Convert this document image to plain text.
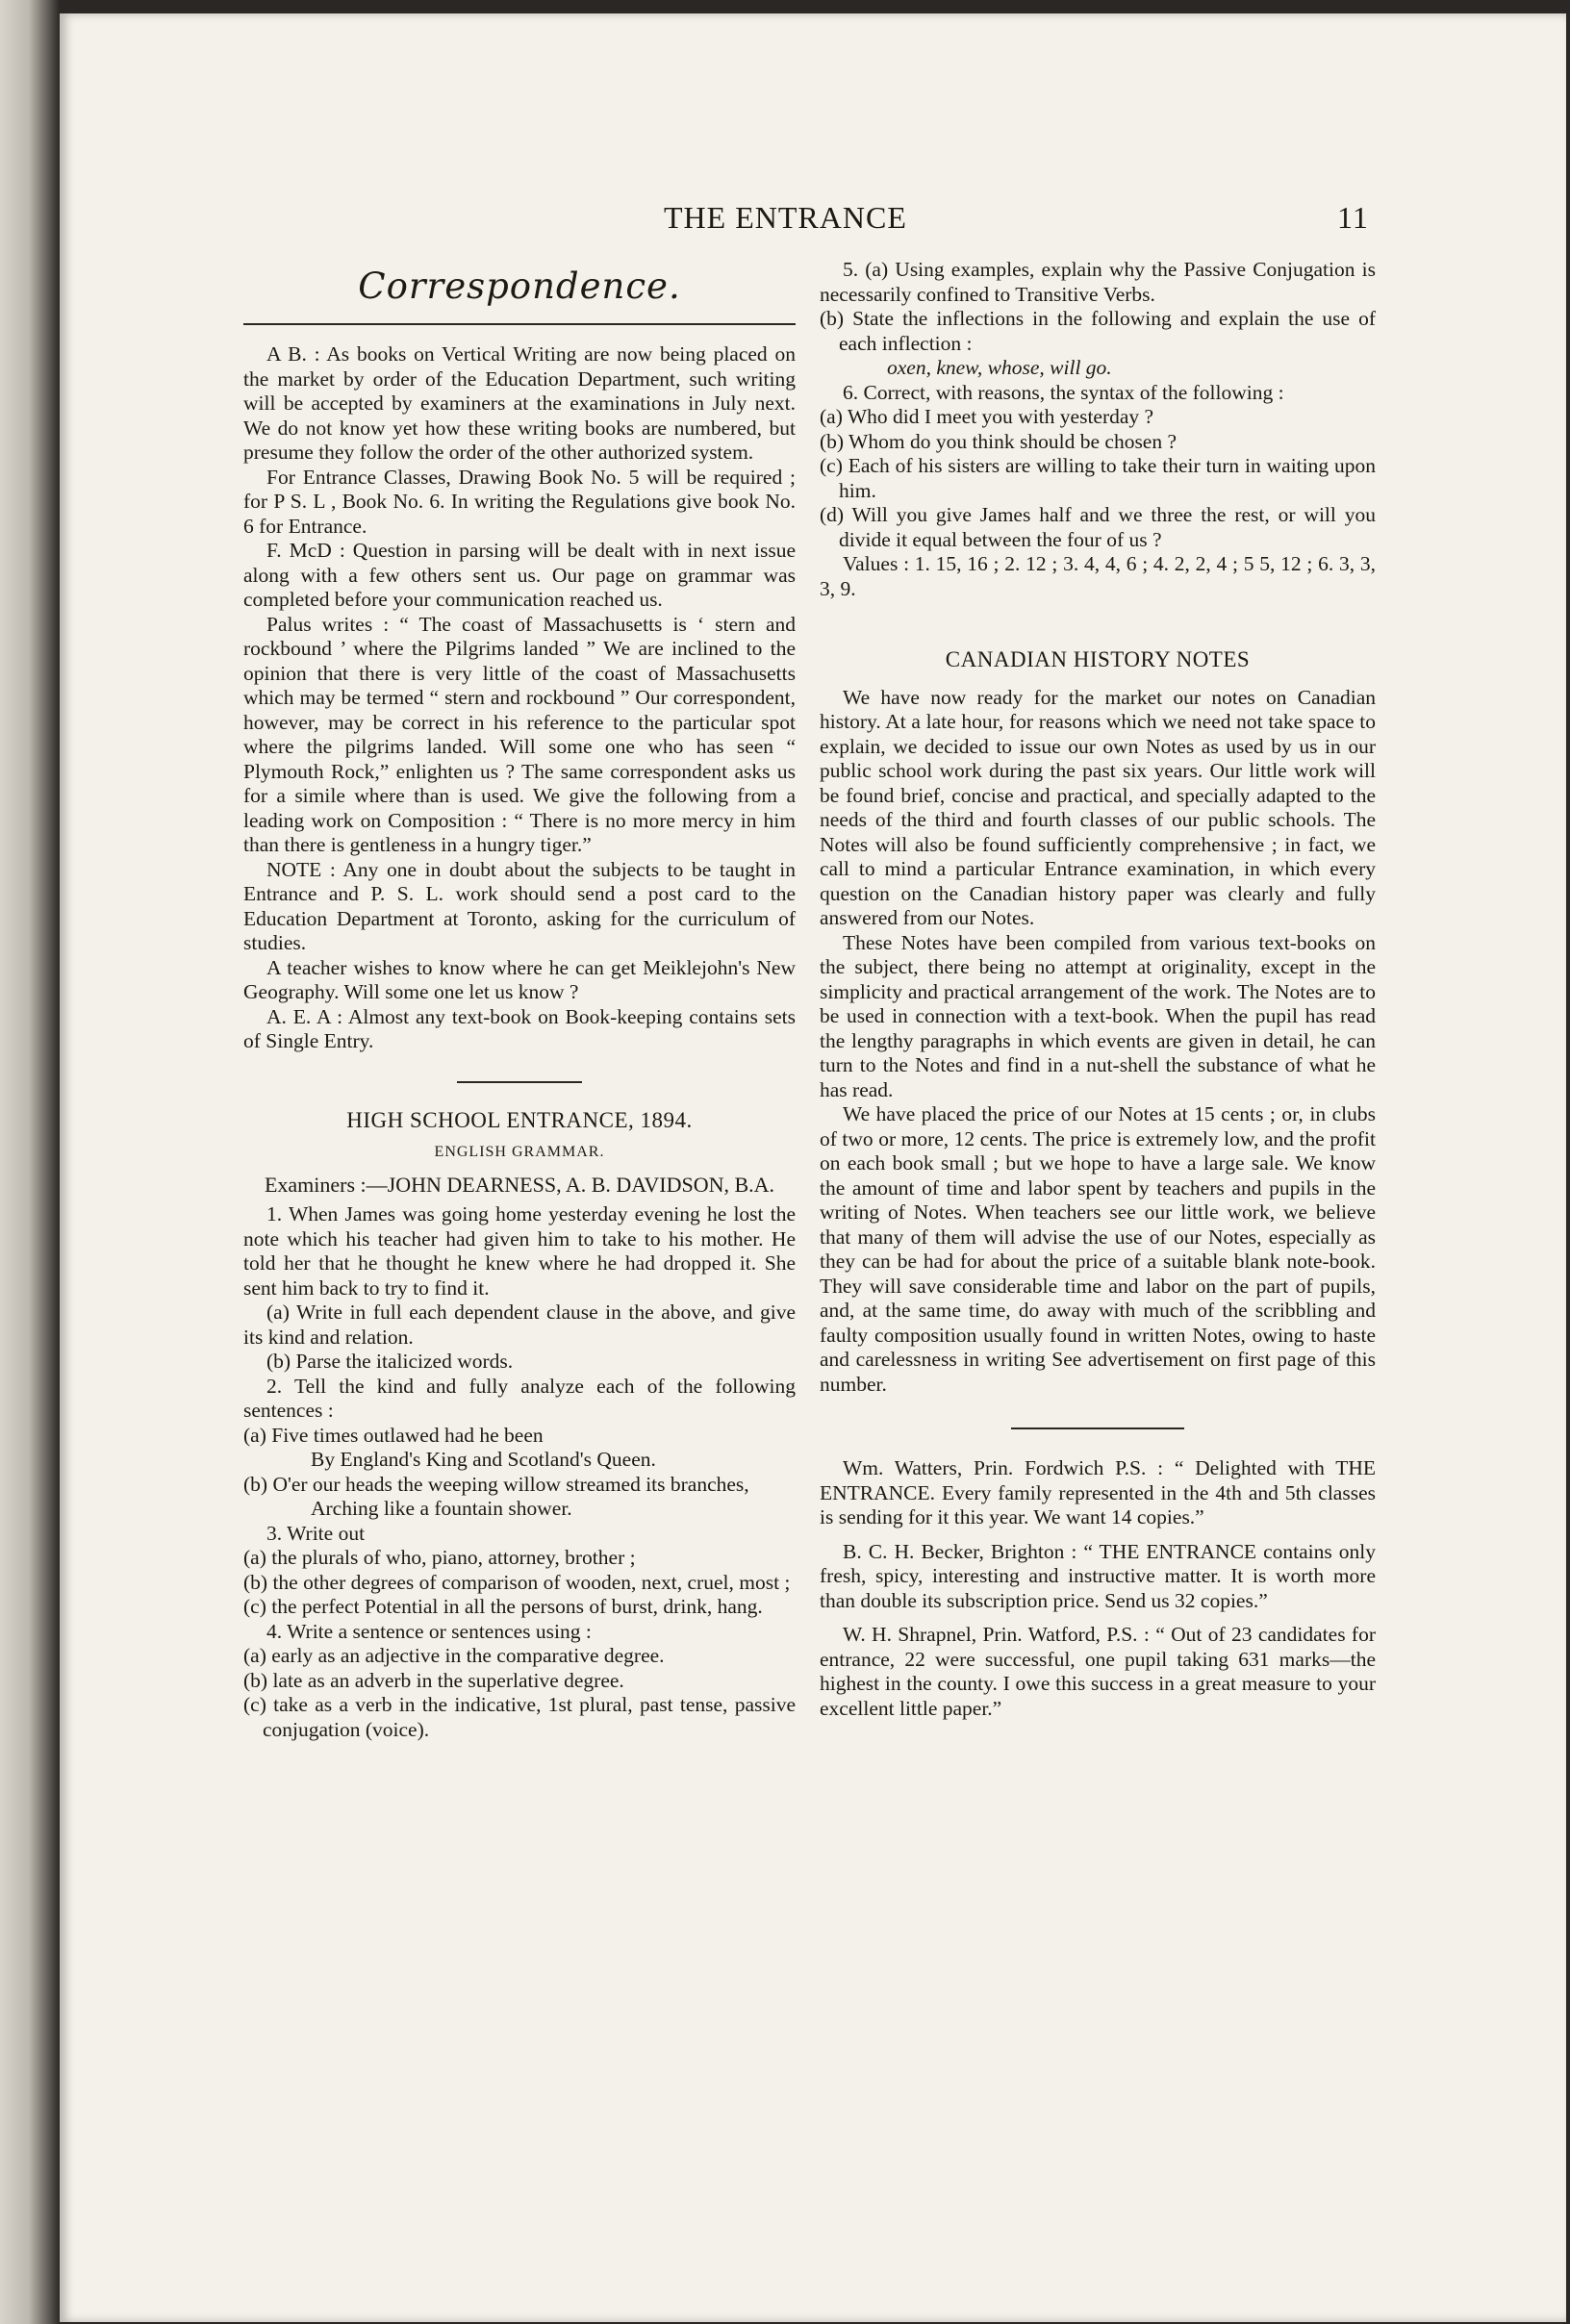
THE ENTRANCE	11
Correspondence.

A B. : As books on Vertical Writing are now being placed on the market by order of the Education Department, such writing will be accepted by examiners at the examinations in July next. We do not know yet how these writing books are numbered, but presume they follow the order of the other authorized system.

For Entrance Classes, Drawing Book No. 5 will be required ; for P S. L , Book No. 6. In writing the Regulations give book No. 6 for Entrance.

F. McD : Question in parsing will be dealt with in next issue along with a few others sent us. Our page on grammar was completed before your communication reached us.

Palus writes : “ The coast of Massachusetts is ‘ stern and rockbound ’ where the Pilgrims landed ” We are inclined to the opinion that there is very little of the coast of Massachusetts which may be termed “ stern and rockbound ” Our correspondent, however, may be correct in his reference to the particular spot where the pilgrims landed. Will some one who has seen “ Plymouth Rock,” enlighten us ? The same correspondent asks us for a simile where than is used. We give the following from a leading work on Composition : “ There is no more mercy in him than there is gentleness in a hungry tiger.”

NOTE : Any one in doubt about the subjects to be taught in Entrance and P. S. L. work should send a post card to the Education Department at Toronto, asking for the curriculum of studies.

A teacher wishes to know where he can get Meiklejohn's New Geography. Will some one let us know ?

A. E. A : Almost any text-book on Book-keeping contains sets of Single Entry.

HIGH SCHOOL ENTRANCE, 1894.
ENGLISH GRAMMAR.

Examiners :—JOHN DEARNESS, A. B. DAVIDSON, B.A.

1. When James was going home yesterday evening he lost the note which his teacher had given him to take to his mother. He told her that he thought he knew where he had dropped it. She sent him back to try to find it.

(a) Write in full each dependent clause in the above, and give its kind and relation.

(b) Parse the italicized words.

2. Tell the kind and fully analyze each of the following sentences :

(a) Five times outlawed had he been

By England's King and Scotland's Queen.

(b) O'er our heads the weeping willow streamed its branches,

Arching like a fountain shower.

3. Write out

(a) the plurals of who, piano, attorney, brother ;

(b) the other degrees of comparison of wooden, next, cruel, most ;

(c) the perfect Potential in all the persons of burst, drink, hang.

4. Write a sentence or sentences using :

(a) early as an adjective in the comparative degree.

(b) late as an adverb in the superlative degree.

(c) take as a verb in the indicative, 1st plural, past tense, passive conjugation (voice).

5. (a) Using examples, explain why the Passive Conjugation is necessarily confined to Transitive Verbs.

(b) State the inflections in the following and explain the use of each inflection :

oxen, knew, whose, will go.

6. Correct, with reasons, the syntax of the following :

(a) Who did I meet you with yesterday ?

(b) Whom do you think should be chosen ?

(c) Each of his sisters are willing to take their turn in waiting upon him.

(d) Will you give James half and we three the rest, or will you divide it equal between the four of us ?

Values : 1. 15, 16 ; 2. 12 ; 3. 4, 4, 6 ; 4. 2, 2, 4 ; 5 5, 12 ; 6. 3, 3, 3, 9.

CANADIAN HISTORY NOTES

We have now ready for the market our notes on Canadian history. At a late hour, for reasons which we need not take space to explain, we decided to issue our own Notes as used by us in our public school work during the past six years. Our little work will be found brief, concise and practical, and specially adapted to the needs of the third and fourth classes of our public schools. The Notes will also be found sufficiently comprehensive ; in fact, we call to mind a particular Entrance examination, in which every question on the Canadian history paper was clearly and fully answered from our Notes.

These Notes have been compiled from various text-books on the subject, there being no attempt at originality, except in the simplicity and practical arrangement of the work. The Notes are to be used in connection with a text-book. When the pupil has read the lengthy paragraphs in which events are given in detail, he can turn to the Notes and find in a nut-shell the substance of what he has read.

We have placed the price of our Notes at 15 cents ; or, in clubs of two or more, 12 cents. The price is extremely low, and the profit on each book small ; but we hope to have a large sale. We know the amount of time and labor spent by teachers and pupils in the writing of Notes. When teachers see our little work, we believe that many of them will advise the use of our Notes, especially as they can be had for about the price of a suitable blank note-book. They will save considerable time and labor on the part of pupils, and, at the same time, do away with much of the scribbling and faulty composition usually found in written Notes, owing to haste and carelessness in writing See advertisement on first page of this number.

Wm. Watters, Prin. Fordwich P.S. : “ Delighted with THE ENTRANCE. Every family represented in the 4th and 5th classes is sending for it this year. We want 14 copies.”

B. C. H. Becker, Brighton : “ THE ENTRANCE contains only fresh, spicy, interesting and instructive matter. It is worth more than double its subscription price. Send us 32 copies.”

W. H. Shrapnel, Prin. Watford, P.S. : “ Out of 23 candidates for entrance, 22 were successful, one pupil taking 631 marks—the highest in the county. I owe this success in a great measure to your excellent little paper.”
